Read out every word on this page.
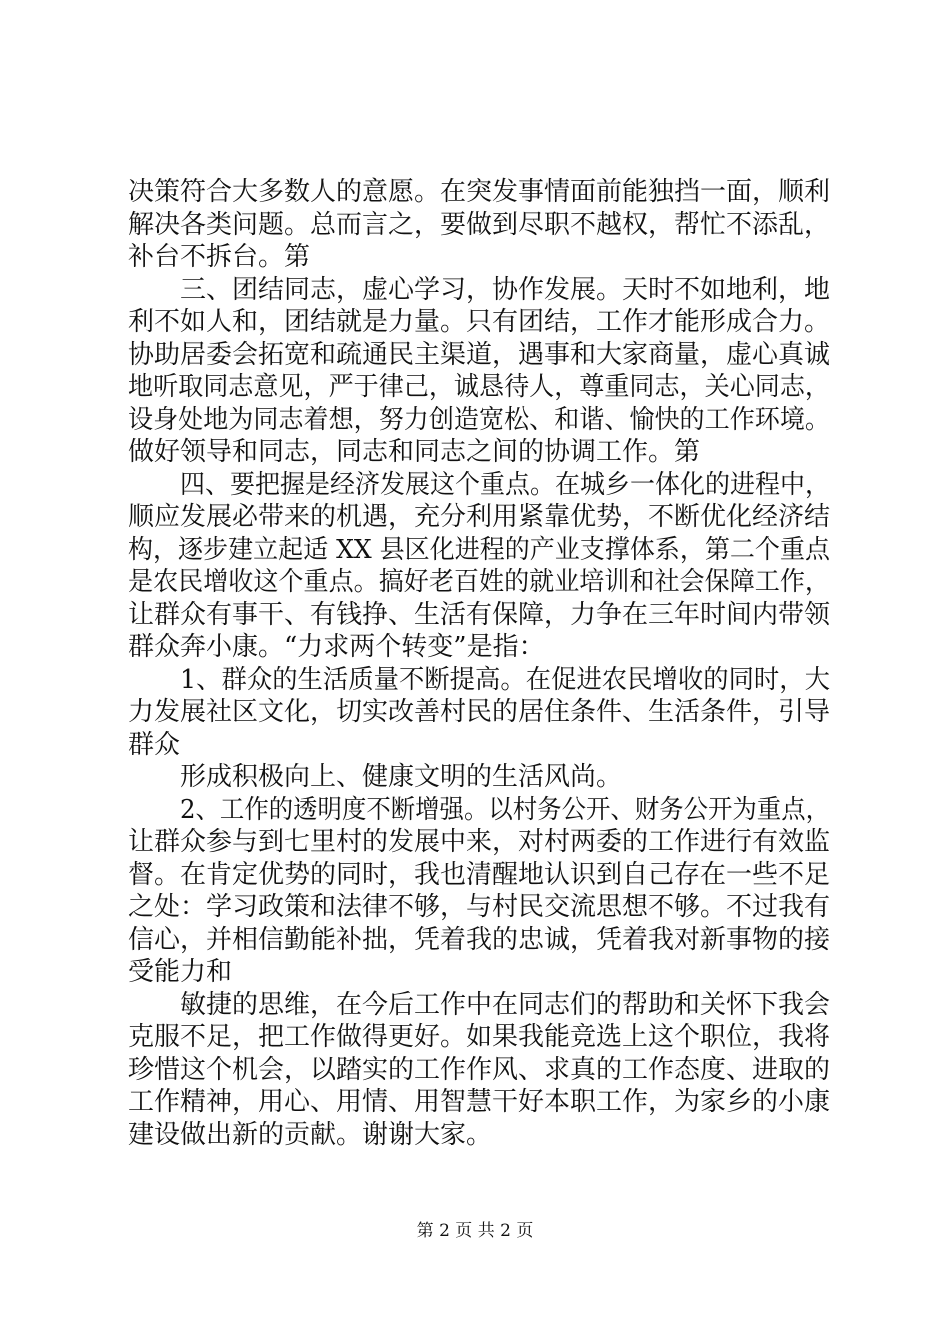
决策符合大多数人的意愿。在突发事情面前能独挡一面，顺利
解决各类问题。总而言之，要做到尽职不越权，帮忙不添乱，
补台不拆台。第
三、团结同志，虚心学习，协作发展。天时不如地利，地
利不如人和，团结就是力量。只有团结，工作才能形成合力。
协助居委会拓宽和疏通民主渠道，遇事和大家商量，虚心真诚
地听取同志意见，严于律己，诚恳待人，尊重同志，关心同志，
设身处地为同志着想，努力创造宽松、和谐、愉快的工作环境。
做好领导和同志，同志和同志之间的协调工作。第
四、要把握是经济发展这个重点。在城乡一体化的进程中，
顺应发展必带来的机遇，充分利用紧靠优势，不断优化经济结
构，逐步建立起适 XX 县区化进程的产业支撑体系，第二个重点
是农民增收这个重点。搞好老百姓的就业培训和社会保障工作，
让群众有事干、有钱挣、生活有保障，力争在三年时间内带领
群众奔小康。“力求两个转变”是指：
1、群众的生活质量不断提高。在促进农民增收的同时，大
力发展社区文化，切实改善村民的居住条件、生活条件，引导
群众
形成积极向上、健康文明的生活风尚。
2、工作的透明度不断增强。以村务公开、财务公开为重点，
让群众参与到七里村的发展中来，对村两委的工作进行有效监
督。在肯定优势的同时，我也清醒地认识到自己存在一些不足
之处：学习政策和法律不够，与村民交流思想不够。不过我有
信心，并相信勤能补拙，凭着我的忠诚，凭着我对新事物的接
受能力和
敏捷的思维，在今后工作中在同志们的帮助和关怀下我会
克服不足，把工作做得更好。如果我能竞选上这个职位，我将
珍惜这个机会，以踏实的工作作风、求真的工作态度、进取的
工作精神，用心、用情、用智慧干好本职工作，为家乡的小康
建设做出新的贡献。谢谢大家。
第 2 页 共 2 页
